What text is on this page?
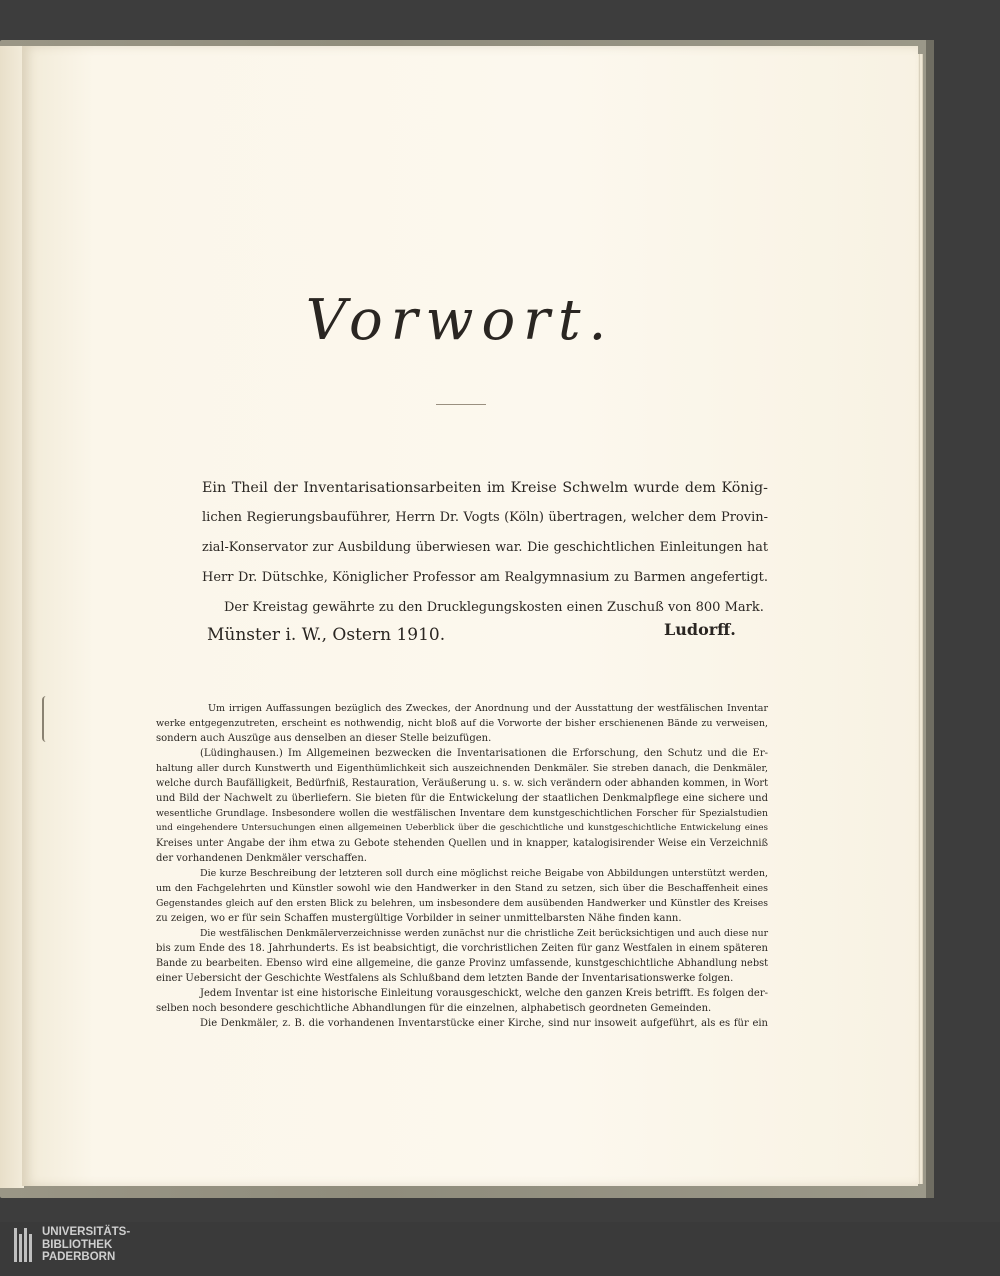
Vorwort.
Ein Theil der Inventarisationsarbeiten im Kreise Schwelm wurde dem König-
lichen Regierungsbauführer, Herrn Dr. Vogts (Köln) übertragen, welcher dem Provin-
zial-Konservator zur Ausbildung überwiesen war. Die geschichtlichen Einleitungen hat
Herr Dr. Dütschke, Königlicher Professor am Realgymnasium zu Barmen angefertigt.
Der Kreistag gewährte zu den Drucklegungskosten einen Zuschuß von 800 Mark.
Münster i. W., Ostern 1910.	Ludorff.
Um irrigen Auffassungen bezüglich des Zweckes, der Anordnung und der Ausstattung der westfälischen Inventar
werke entgegenzutreten, erscheint es nothwendig, nicht bloß auf die Vorworte der bisher erschienenen Bände zu verweisen,
sondern auch Auszüge aus denselben an dieser Stelle beizufügen.
(Lüdinghausen.) Im Allgemeinen bezwecken die Inventarisationen die Erforschung, den Schutz und die Er-
haltung aller durch Kunstwerth und Eigenthümlichkeit sich auszeichnenden Denkmäler. Sie streben danach, die Denkmäler,
welche durch Baufälligkeit, Bedürfniß, Restauration, Veräußerung u. s. w. sich verändern oder abhanden kommen, in Wort
und Bild der Nachwelt zu überliefern. Sie bieten für die Entwickelung der staatlichen Denkmalpflege eine sichere und
wesentliche Grundlage. Insbesondere wollen die westfälischen Inventare dem kunstgeschichtlichen Forscher für Spezialstudien
und eingehendere Untersuchungen einen allgemeinen Ueberblick über die geschichtliche und kunstgeschichtliche Entwickelung eines
Kreises unter Angabe der ihm etwa zu Gebote stehenden Quellen und in knapper, katalogisirender Weise ein Verzeichniß
der vorhandenen Denkmäler verschaffen.
Die kurze Beschreibung der letzteren soll durch eine möglichst reiche Beigabe von Abbildungen unterstützt werden,
um den Fachgelehrten und Künstler sowohl wie den Handwerker in den Stand zu setzen, sich über die Beschaffenheit eines
Gegenstandes gleich auf den ersten Blick zu belehren, um insbesondere dem ausübenden Handwerker und Künstler des Kreises
zu zeigen, wo er für sein Schaffen mustergültige Vorbilder in seiner unmittelbarsten Nähe finden kann.
Die westfälischen Denkmälerverzeichnisse werden zunächst nur die christliche Zeit berücksichtigen und auch diese nur
bis zum Ende des 18. Jahrhunderts. Es ist beabsichtigt, die vorchristlichen Zeiten für ganz Westfalen in einem späteren
Bande zu bearbeiten. Ebenso wird eine allgemeine, die ganze Provinz umfassende, kunstgeschichtliche Abhandlung nebst
einer Uebersicht der Geschichte Westfalens als Schlußband dem letzten Bande der Inventarisationswerke folgen.
Jedem Inventar ist eine historische Einleitung vorausgeschickt, welche den ganzen Kreis betrifft. Es folgen der-
selben noch besondere geschichtliche Abhandlungen für die einzelnen, alphabetisch geordneten Gemeinden.
Die Denkmäler, z. B. die vorhandenen Inventarstücke einer Kirche, sind nur insoweit aufgeführt, als es für ein
UNIVERSITÄTS-
BIBLIOTHEK
PADERBORN
